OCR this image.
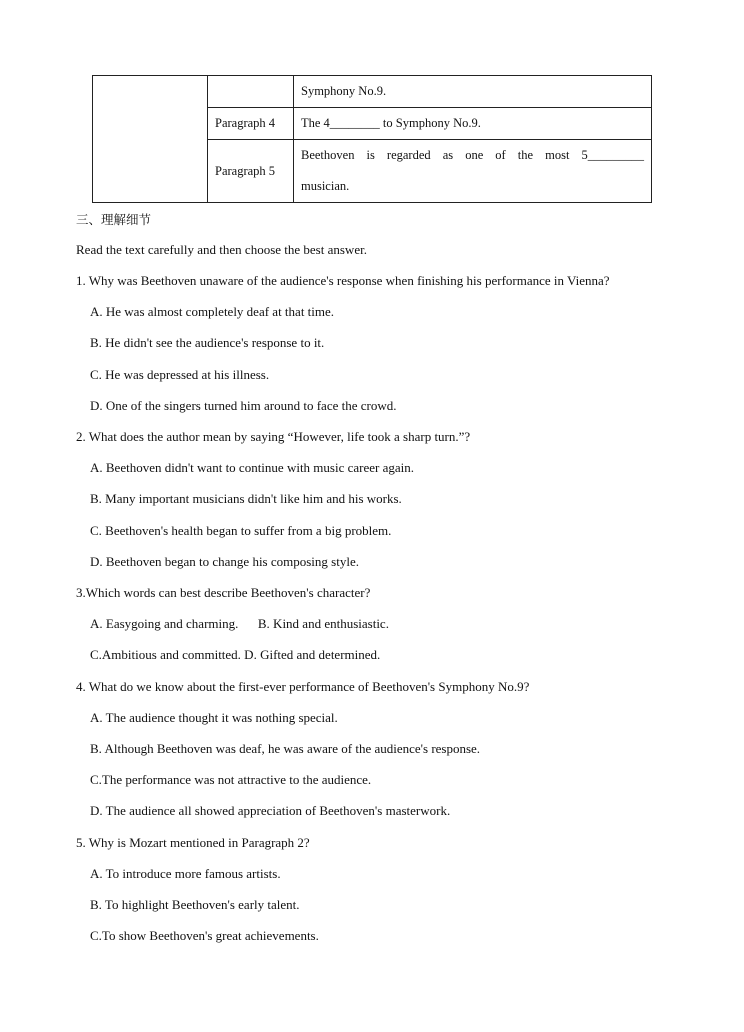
		Symphony No.9.
	Paragraph 4	The 4________ to Symphony No.9.
	Paragraph 5	Beethoven is regarded as one of the most 5_________
musician.
三、理解细节
Read the text carefully and then choose the best answer.
1. Why was Beethoven unaware of the audience's response when finishing his performance in Vienna?
A. He was almost completely deaf at that time.
B. He didn't see the audience's response to it.
C. He was depressed at his illness.
D. One of the singers turned him around to face the crowd.
2. What does the author mean by saying “However, life took a sharp turn.”?
A. Beethoven didn't want to continue with music career again.
B. Many important musicians didn't like him and his works.
C. Beethoven's health began to suffer from a big problem.
D. Beethoven began to change his composing style.
3.Which words can best describe Beethoven's character?
A. Easygoing and charming.      B. Kind and enthusiastic.
C.Ambitious and committed. D. Gifted and determined.
4. What do we know about the first-ever performance of Beethoven's Symphony No.9?
A. The audience thought it was nothing special.
B. Although Beethoven was deaf, he was aware of the audience's response.
C.The performance was not attractive to the audience.
D. The audience all showed appreciation of Beethoven's masterwork.
5. Why is Mozart mentioned in Paragraph 2?
A. To introduce more famous artists.
B. To highlight Beethoven's early talent.
C.To show Beethoven's great achievements.
